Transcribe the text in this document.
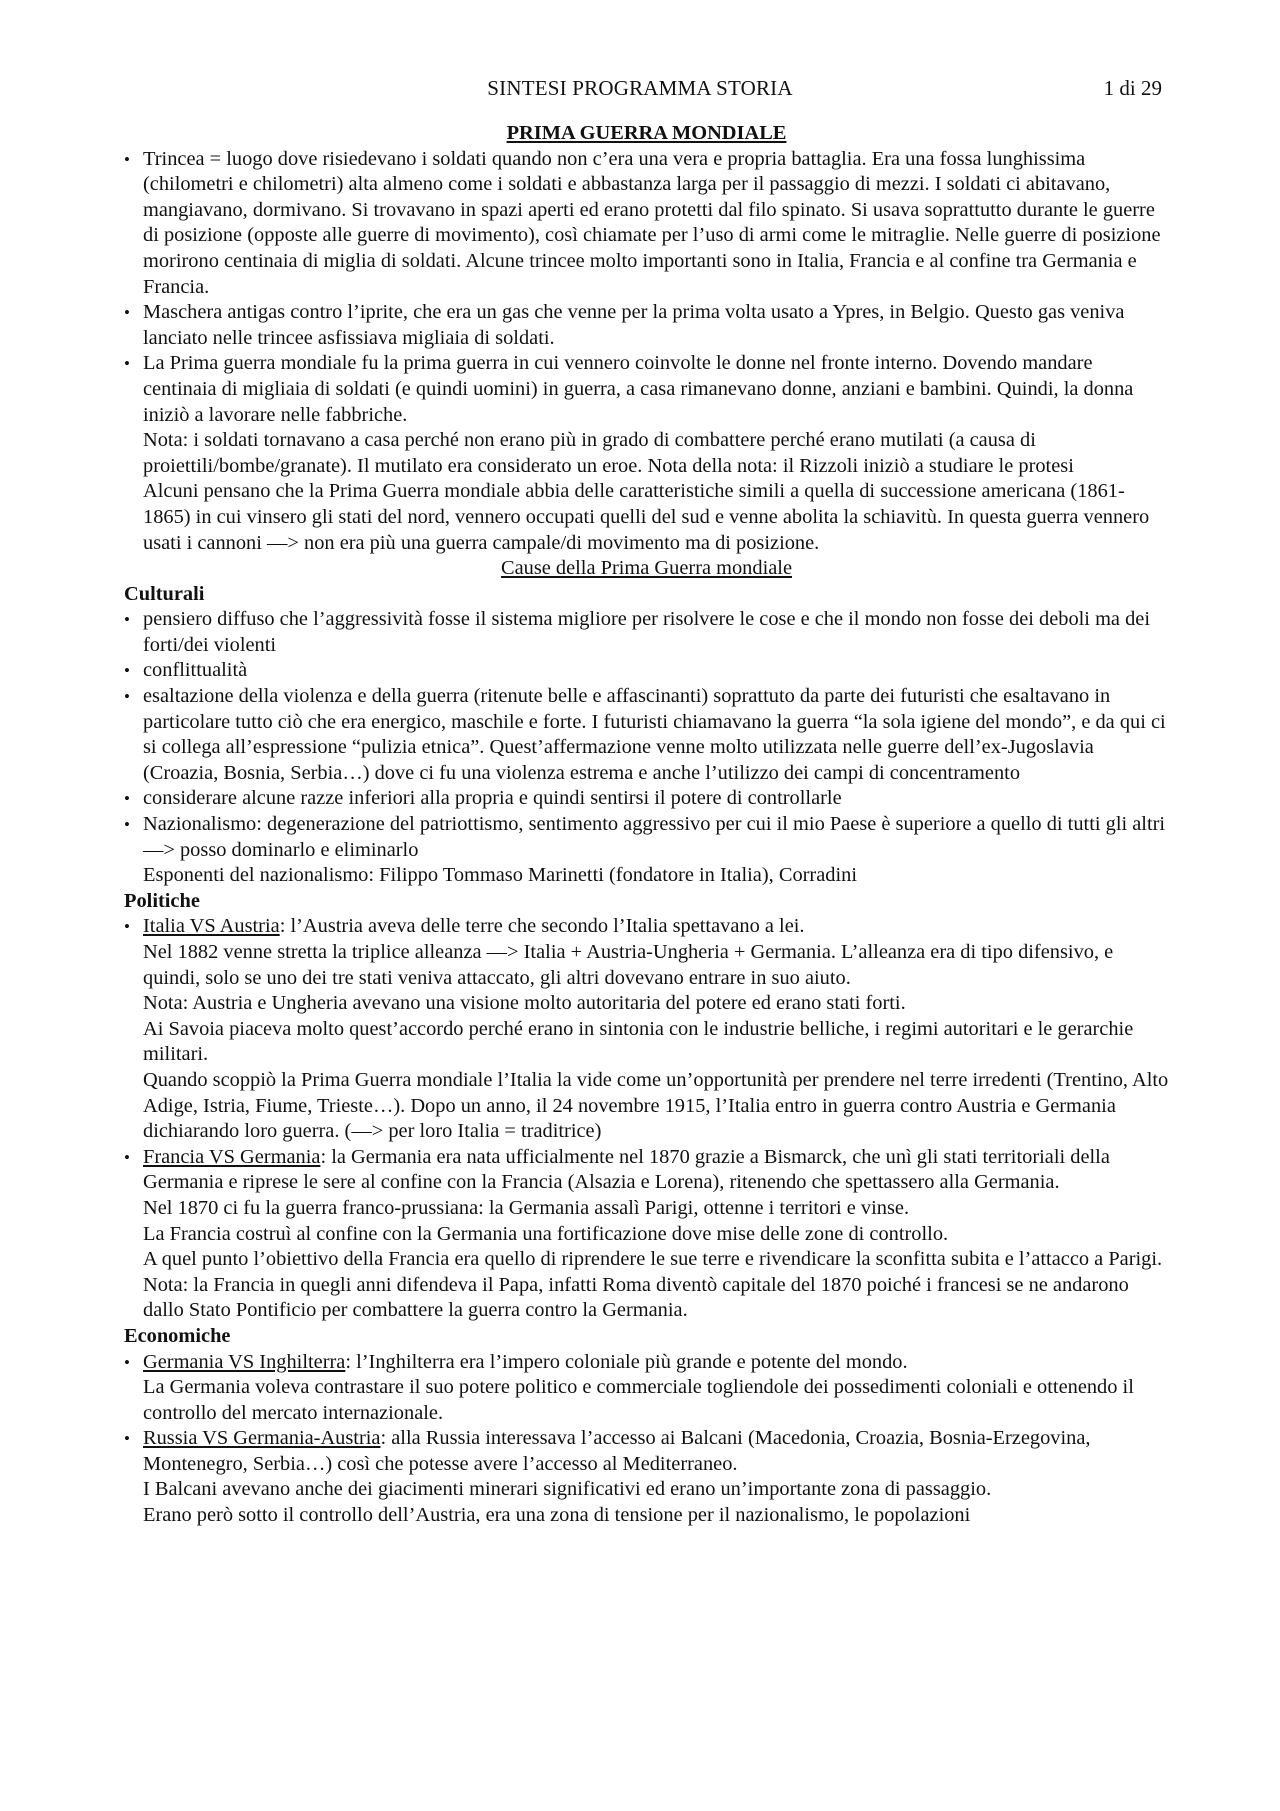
SINTESI PROGRAMMA STORIA	1 di 29
PRIMA GUERRA MONDIALE
• Trincea = luogo dove risiedevano i soldati quando non c’era una vera e propria battaglia. Era una fossa lunghissima (chilometri e chilometri) alta almeno come i soldati e abbastanza larga per il passaggio di mezzi. I soldati ci abitavano, mangiavano, dormivano. Si trovavano in spazi aperti ed erano protetti dal filo spinato. Si usava soprattutto durante le guerre di posizione (opposte alle guerre di movimento), così chiamate per l’uso di armi come le mitraglie. Nelle guerre di posizione morirono centinaia di miglia di soldati. Alcune trincee molto importanti sono in Italia, Francia e al confine tra Germania e Francia.
• Maschera antigas contro l’iprite, che era un gas che venne per la prima volta usato a Ypres, in Belgio. Questo gas veniva lanciato nelle trincee asfissiava migliaia di soldati.
• La Prima guerra mondiale fu la prima guerra in cui vennero coinvolte le donne nel fronte interno. Dovendo mandare centinaia di migliaia di soldati (e quindi uomini) in guerra, a casa rimanevano donne, anziani e bambini. Quindi, la donna iniziò a lavorare nelle fabbriche.
Nota: i soldati tornavano a casa perché non erano più in grado di combattere perché erano mutilati (a causa di proiettili/bombe/granate). Il mutilato era considerato un eroe. Nota della nota: il Rizzoli iniziò a studiare le protesi
Alcuni pensano che la Prima Guerra mondiale abbia delle caratteristiche simili a quella di successione americana (1861-1865) in cui vinsero gli stati del nord, vennero occupati quelli del sud e venne abolita la schiavitù. In questa guerra vennero usati i cannoni —> non era più una guerra campale/di movimento ma di posizione.
Cause della Prima Guerra mondiale
Culturali
• pensiero diffuso che l’aggressività fosse il sistema migliore per risolvere le cose e che il mondo non fosse dei deboli ma dei forti/dei violenti
• conflittualità
• esaltazione della violenza e della guerra (ritenute belle e affascinanti) soprattuto da parte dei futuristi che esaltavano in particolare tutto ciò che era energico, maschile e forte. I futuristi chiamavano la guerra “la sola igiene del mondo”, e da qui ci si collega all’espressione “pulizia etnica”. Quest’affermazione venne molto utilizzata nelle guerre dell’ex-Jugoslavia (Croazia, Bosnia, Serbia…) dove ci fu una violenza estrema e anche l’utilizzo dei campi di concentramento
• considerare alcune razze inferiori alla propria e quindi sentirsi il potere di controllarle
• Nazionalismo: degenerazione del patriottismo, sentimento aggressivo per cui il mio Paese è superiore a quello di tutti gli altri —> posso dominarlo e eliminarlo
Esponenti del nazionalismo: Filippo Tommaso Marinetti (fondatore in Italia), Corradini
Politiche
• Italia VS Austria: l’Austria aveva delle terre che secondo l’Italia spettavano a lei.
Nel 1882 venne stretta la triplice alleanza —> Italia + Austria-Ungheria + Germania. L’alleanza era di tipo difensivo, e quindi, solo se uno dei tre stati veniva attaccato, gli altri dovevano entrare in suo aiuto.
Nota: Austria e Ungheria avevano una visione molto autoritaria del potere ed erano stati forti.
Ai Savoia piaceva molto quest’accordo perché erano in sintonia con le industrie belliche, i regimi autoritari e le gerarchie militari.
Quando scoppiò la Prima Guerra mondiale l’Italia la vide come un’opportunità per prendere nel terre irredenti (Trentino, Alto Adige, Istria, Fiume, Trieste…). Dopo un anno, il 24 novembre 1915, l’Italia entro in guerra contro Austria e Germania dichiarando loro guerra. (—> per loro Italia = traditrice)
• Francia VS Germania: la Germania era nata ufficialmente nel 1870 grazie a Bismarck, che unì gli stati territoriali della Germania e riprese le sere al confine con la Francia (Alsazia e Lorena), ritenendo che spettassero alla Germania.
Nel 1870 ci fu la guerra franco-prussiana: la Germania assalì Parigi, ottenne i territori e vinse.
La Francia costruì al confine con la Germania una fortificazione dove mise delle zone di controllo.
A quel punto l’obiettivo della Francia era quello di riprendere le sue terre e rivendicare la sconfitta subita e l’attacco a Parigi.
Nota: la Francia in quegli anni difendeva il Papa, infatti Roma diventò capitale del 1870 poiché i francesi se ne andarono dallo Stato Pontificio per combattere la guerra contro la Germania.
Economiche
• Germania VS Inghilterra: l’Inghilterra era l’impero coloniale più grande e potente del mondo.
La Germania voleva contrastare il suo potere politico e commerciale togliendole dei possedimenti coloniali e ottenendo il controllo del mercato internazionale.
• Russia VS Germania-Austria: alla Russia interessava l’accesso ai Balcani (Macedonia, Croazia, Bosnia-Erzegovina, Montenegro, Serbia…) così che potesse avere l’accesso al Mediterraneo.
I Balcani avevano anche dei giacimenti minerari significativi ed erano un’importante zona di passaggio.
Erano però sotto il controllo dell’Austria, era una zona di tensione per il nazionalismo, le popolazioni
